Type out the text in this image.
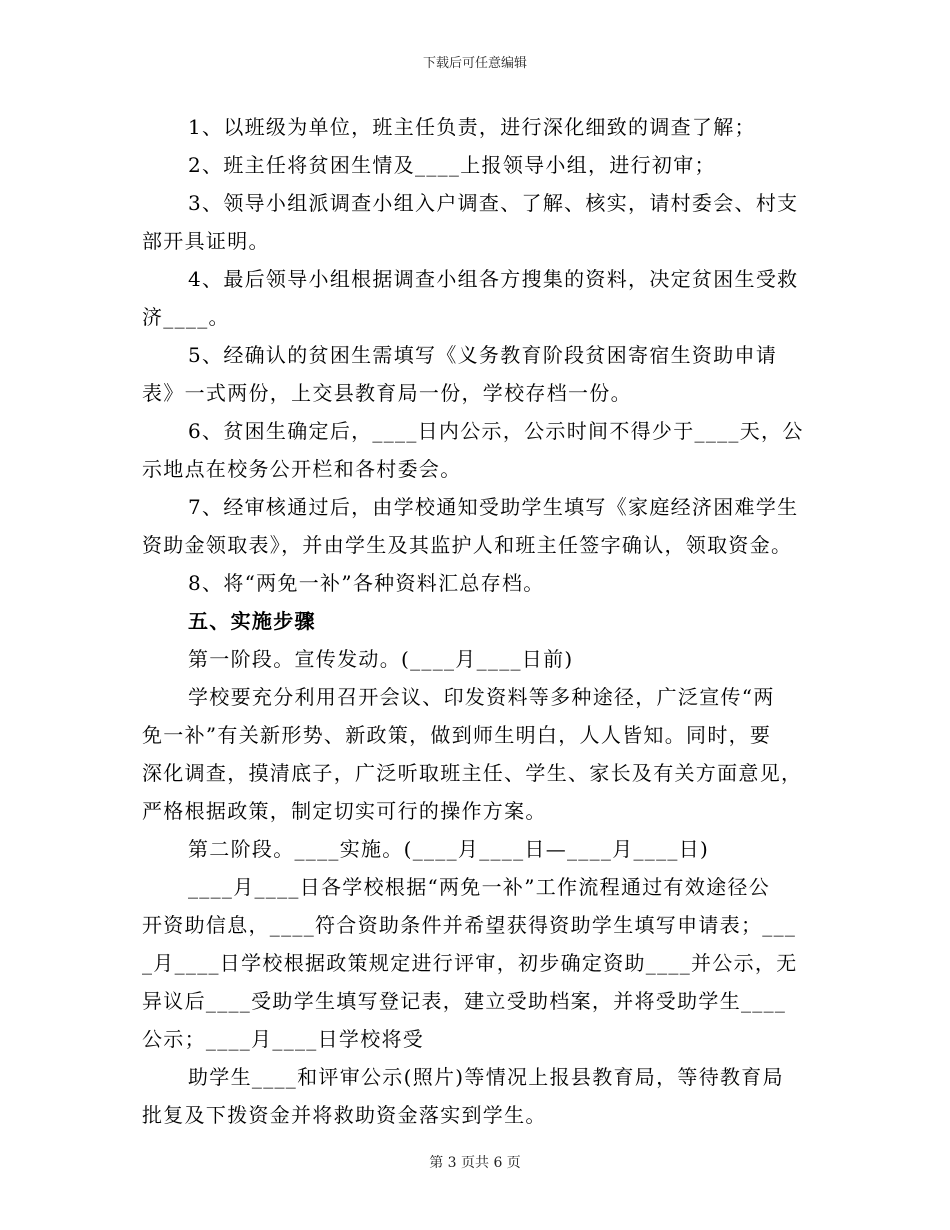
下载后可任意编辑
1、以班级为单位，班主任负责，进行深化细致的调查了解；
2、班主任将贫困生情及____上报领导小组，进行初审；
3、领导小组派调查小组入户调查、了解、核实，请村委会、村支
部开具证明。
4、最后领导小组根据调查小组各方搜集的资料，决定贫困生受救
济____。
5、经确认的贫困生需填写《义务教育阶段贫困寄宿生资助申请
表》一式两份，上交县教育局一份，学校存档一份。
6、贫困生确定后，____日内公示，公示时间不得少于____天，公
示地点在校务公开栏和各村委会。
7、经审核通过后，由学校通知受助学生填写《家庭经济困难学生
资助金领取表》，并由学生及其监护人和班主任签字确认，领取资金。
8、将“两免一补”各种资料汇总存档。
五、实施步骤
第一阶段。宣传发动。(____月____日前)
学校要充分利用召开会议、印发资料等多种途径，广泛宣传“两
免一补”有关新形势、新政策，做到师生明白，人人皆知。同时，要
深化调查，摸清底子，广泛听取班主任、学生、家长及有关方面意见，
严格根据政策，制定切实可行的操作方案。
第二阶段。____实施。(____月____日—____月____日)
____月____日各学校根据“两免一补”工作流程通过有效途径公
开资助信息，____符合资助条件并希望获得资助学生填写申请表；___
_月____日学校根据政策规定进行评审，初步确定资助____并公示，无
异议后____受助学生填写登记表，建立受助档案，并将受助学生____
公示；____月____日学校将受
助学生____和评审公示(照片)等情况上报县教育局，等待教育局
批复及下拨资金并将救助资金落实到学生。
第 3 页共 6 页
